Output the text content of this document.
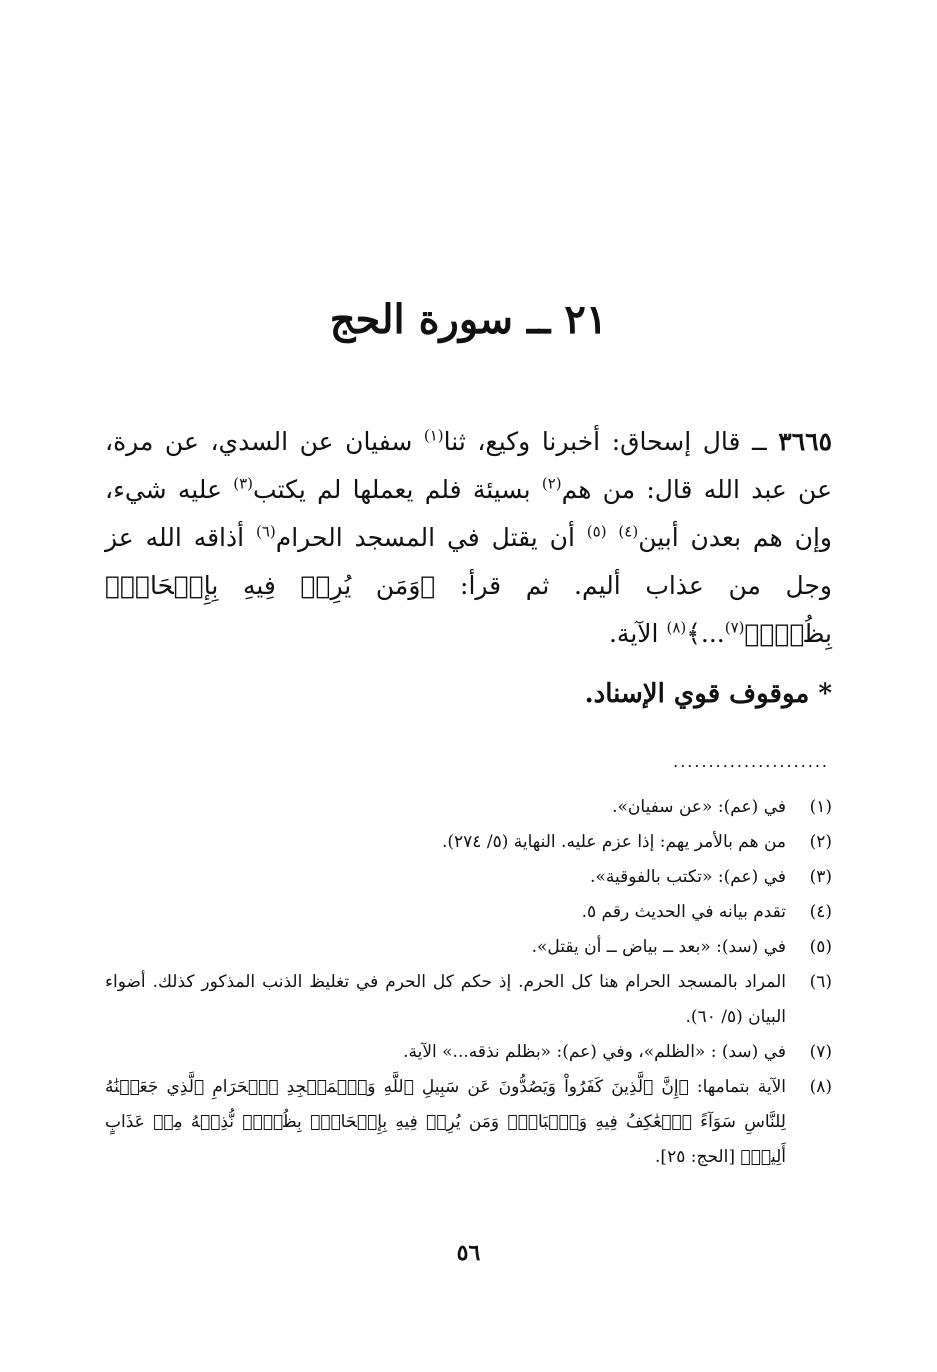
٢١ ــ سورة الحج
٣٦٦٥ ــ قال إسحاق: أخبرنا وكيع، ثنا$^{(١)}$ سفيان عن السدي، عن مرة، عن عبد الله قال: من هم$^{(٢)}$ بسيئة فلم يعملها لم يكتب$^{(٣)}$ عليه شيء، وإن هم بعدن أبين$^{(٤)}$ $^{(٥)}$ أن يقتل في المسجد الحرام$^{(٦)}$ أذاقه الله عز وجل من عذاب أليم. ثم قرأ: ﴿وَمَن يُرِدۡ فِيهِ بِإِلۡحَادِۭ بِظُلۡمٖ$^{(٧)}$...﴾$^{(٨)}$ الآية.
* موقوف قوي الإسناد.
......................
(١)
في (عم): «عن سفيان».
(٢)
من هم بالأمر يهم: إذا عزم عليه. النهاية (٥/ ٢٧٤).
(٣)
في (عم): «تكتب بالفوقية».
(٤)
تقدم بيانه في الحديث رقم ٥.
(٥)
في (سد): «بعد ــ بياض ــ أن يقتل».
(٦)
المراد بالمسجد الحرام هنا كل الحرم. إذ حكم كل الحرم في تغليظ الذنب المذكور كذلك. أضواء البيان (٥/ ٦٠).
(٧)
في (سد) : «الظلم»، وفي (عم): «بظلم نذقه...» الآية.
(٨)
الآية بتمامها: ﴿إِنَّ ٱلَّذِينَ كَفَرُواْ وَيَصُدُّونَ عَن سَبِيلِ ٱللَّهِ وَٱلۡمَسۡجِدِ ٱلۡحَرَامِ ٱلَّذِي جَعَلۡنَٰهُ لِلنَّاسِ سَوَآءً ٱلۡعَٰكِفُ فِيهِ وَٱلۡبَادِۚ وَمَن يُرِدۡ فِيهِ بِإِلۡحَادِۭ بِظُلۡمٖ نُّذِقۡهُ مِنۡ عَذَابٍ أَلِيمٖ﴾ [الحج: ٢٥].
٥٦
